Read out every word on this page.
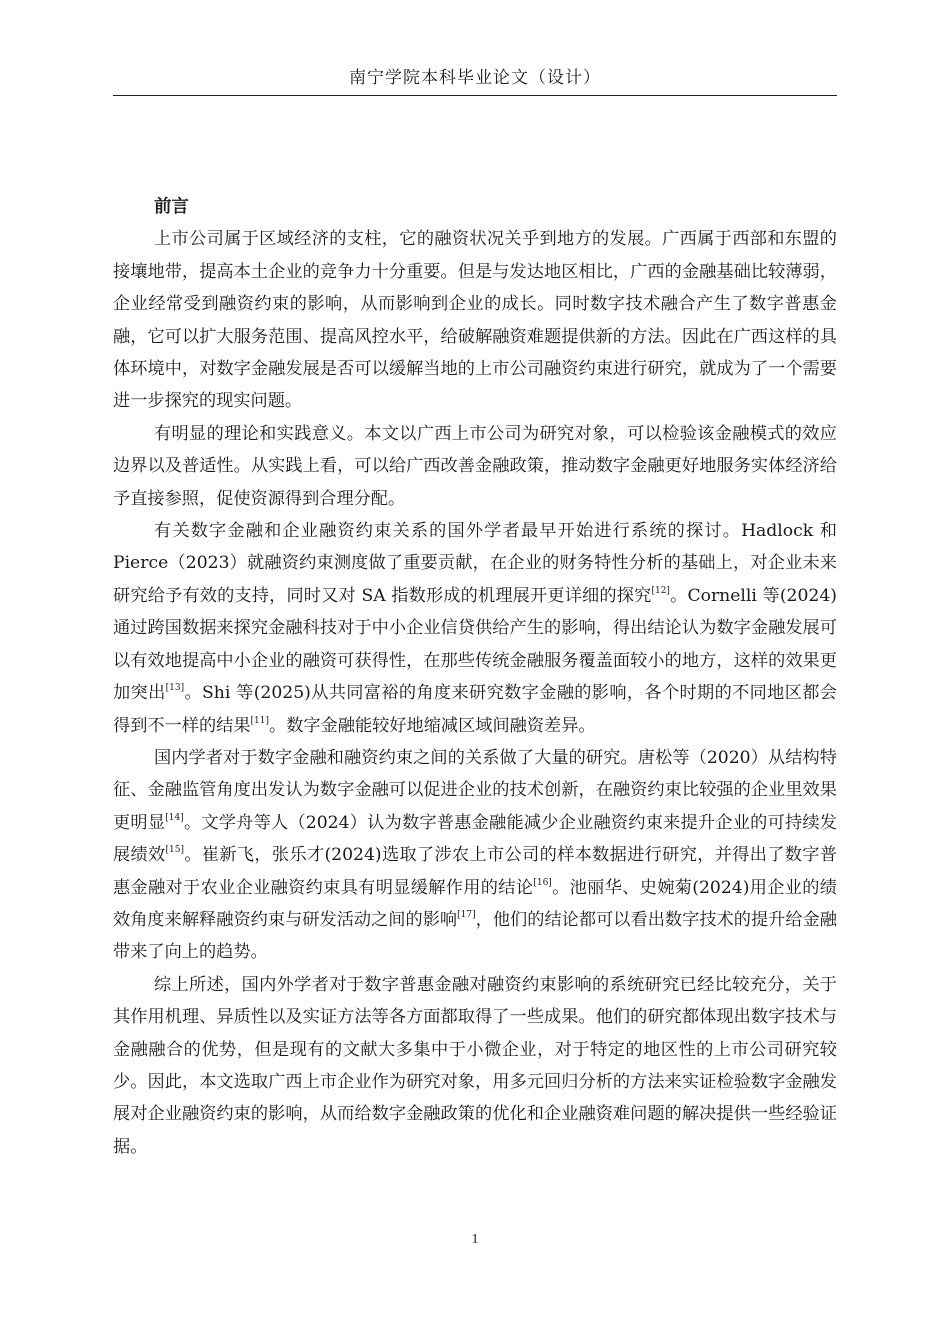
南宁学院本科毕业论文（设计）

前言

上市公司属于区域经济的支柱，它的融资状况关乎到地方的发展。广西属于西部和东盟的接壤地带，提高本土企业的竞争力十分重要。但是与发达地区相比，广西的金融基础比较薄弱，企业经常受到融资约束的影响，从而影响到企业的成长。同时数字技术融合产生了数字普惠金融，它可以扩大服务范围、提高风控水平，给破解融资难题提供新的方法。因此在广西这样的具体环境中，对数字金融发展是否可以缓解当地的上市公司融资约束进行研究，就成为了一个需要进一步探究的现实问题。

有明显的理论和实践意义。本文以广西上市公司为研究对象，可以检验该金融模式的效应边界以及普适性。从实践上看，可以给广西改善金融政策，推动数字金融更好地服务实体经济给予直接参照，促使资源得到合理分配。

有关数字金融和企业融资约束关系的国外学者最早开始进行系统的探讨。Hadlock 和 Pierce（2023）就融资约束测度做了重要贡献，在企业的财务特性分析的基础上，对企业未来研究给予有效的支持，同时又对 SA 指数形成的机理展开更详细的探究[12]。Cornelli 等(2024)通过跨国数据来探究金融科技对于中小企业信贷供给产生的影响，得出结论认为数字金融发展可以有效地提高中小企业的融资可获得性，在那些传统金融服务覆盖面较小的地方，这样的效果更加突出[13]。Shi 等(2025)从共同富裕的角度来研究数字金融的影响，各个时期的不同地区都会得到不一样的结果[11]。数字金融能较好地缩减区域间融资差异。

国内学者对于数字金融和融资约束之间的关系做了大量的研究。唐松等（2020）从结构特征、金融监管角度出发认为数字金融可以促进企业的技术创新，在融资约束比较强的企业里效果更明显[14]。文学舟等人（2024）认为数字普惠金融能减少企业融资约束来提升企业的可持续发展绩效[15]。崔新飞，张乐才(2024)选取了涉农上市公司的样本数据进行研究，并得出了数字普惠金融对于农业企业融资约束具有明显缓解作用的结论[16]。池丽华、史婉菊(2024)用企业的绩效角度来解释融资约束与研发活动之间的影响[17]，他们的结论都可以看出数字技术的提升给金融带来了向上的趋势。

综上所述，国内外学者对于数字普惠金融对融资约束影响的系统研究已经比较充分，关于其作用机理、异质性以及实证方法等各方面都取得了一些成果。他们的研究都体现出数字技术与金融融合的优势，但是现有的文献大多集中于小微企业，对于特定的地区性的上市公司研究较少。因此，本文选取广西上市企业作为研究对象，用多元回归分析的方法来实证检验数字金融发展对企业融资约束的影响，从而给数字金融政策的优化和企业融资难问题的解决提供一些经验证据。

1
